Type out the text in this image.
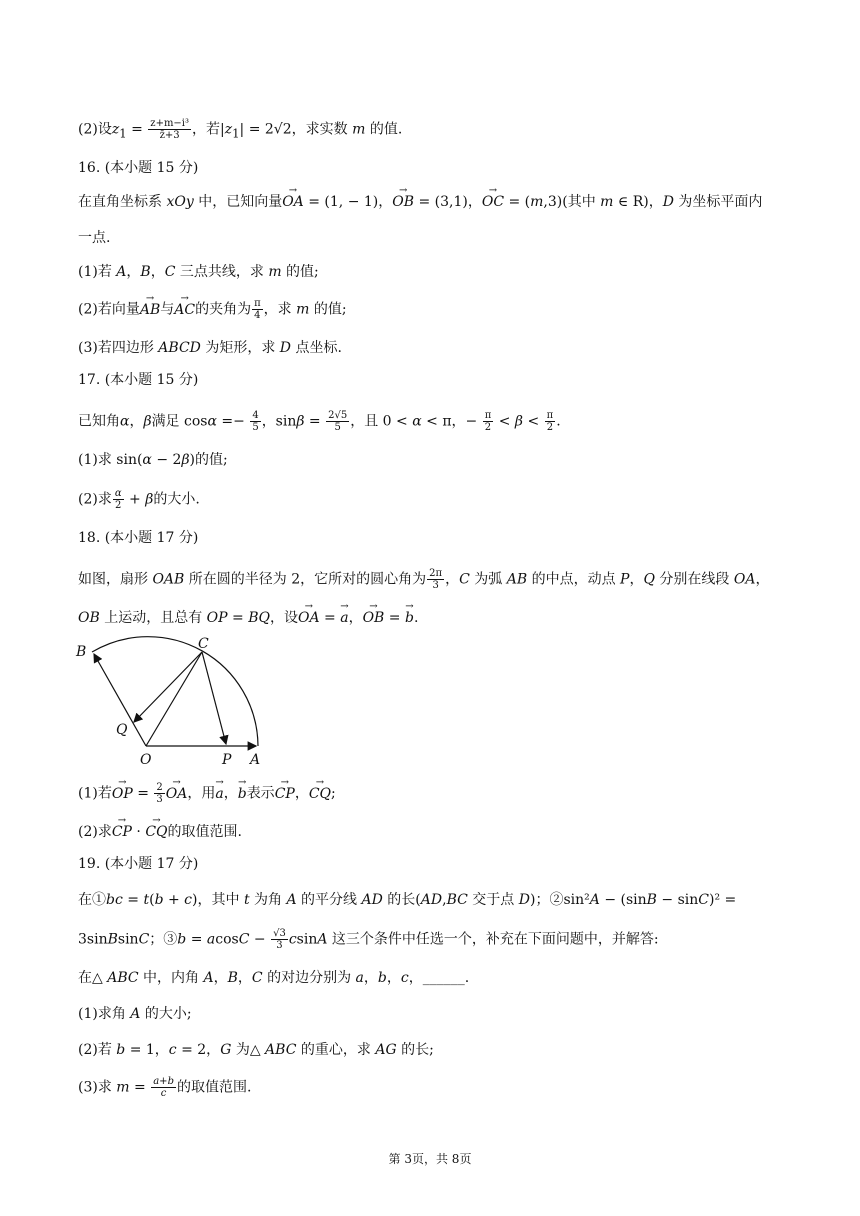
(2)设$z_1 = \frac{\text{z+m−i³}}{z̄+3}$ ，若$|z_1| = 2√2$，求实数 m 的值.
16. (本小题 15 分)
在直角坐标系 xOy 中，已知向量→ OA = (1, − 1)，→ OB = (3,1)，→ OC = (m,3)(其中 m ∈ R)，D 为坐标平面内
一点.
(1)若 A，B，C 三点共线，求 m 的值;
(2)若向量→ AB与→ AC的夹角为 $\frac{\pi}{4}$ ，求 m 的值;
(3)若四边形 ABCD 为矩形，求 D 点坐标.
17. (本小题 15 分)
已知角α，β满足 $\cos\alpha =- \frac{4}{5}$ ，$\sin\beta = \frac{2√5}{5}$ ，且 0 < α < π，− $\frac{\pi}{2} < \beta < \frac{\pi}{2}$ .
(1)求 sin(α − 2β)的值;
(2)求 $\frac{\alpha}{2} + \beta$的大小.
18. (本小题 17 分)
如图，扇形 OAB 所在圆的半径为 2，它所对的圆心角为 $\frac{2\pi}{3}$ ，C 为弧 AB 的中点，动点 P，Q 分别在线段 OA，
OB 上运动，且总有 OP = BQ，设→ OA = → a，→ OB = → b.
B	C
Q
O	P A
(1)若→ OP = $\frac{2}{3}$
→ OA，用→ a，→ b表示→ CP，→ CQ;
(2)求→ CP · → CQ的取值范围.
19. (本小题 17 分)
在①bc = t(b + c)，其中 t 为角 A 的平分线 AD 的长(AD,BC 交于点 D)；②sin²A − (sinB − sinC)² =
3sinBsinC；③b = $acosC - \frac{√3}{3}$ csinA 这三个条件中任选一个，补充在下面问题中，并解答:
在△ ABC 中，内角 A，B，C 的对边分别为 a，b，c，______.
(1)求角 A 的大小;
(2)若 b = 1，c = 2，G 为△ ABC 的重心，求 AG 的长;
(3)求 $m = \frac{a+b}{c}$ 的取值范围.
第 3页，共 8页
